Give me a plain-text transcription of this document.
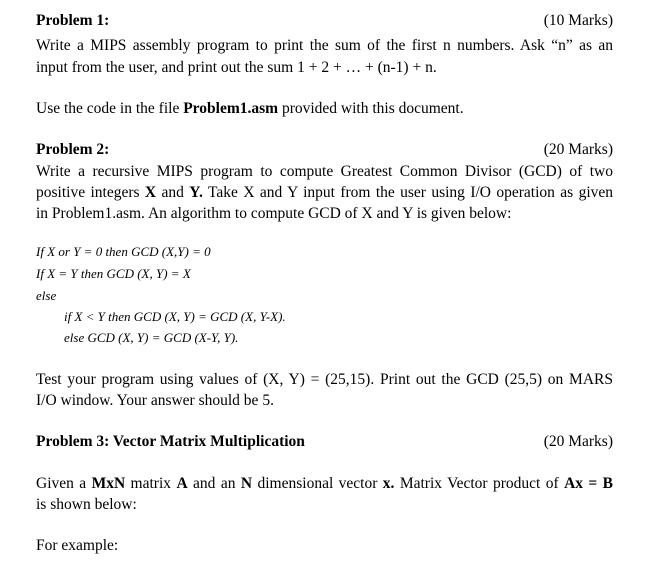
Problem 1:	(10 Marks)
Write a MIPS assembly program to print the sum of the first n numbers. Ask “n” as an
input from the user, and print out the sum 1 + 2 + … + (n-1) + n.
Use the code in the file Problem1.asm provided with this document.
Problem 2:	(20 Marks)
Write a recursive MIPS program to compute Greatest Common Divisor (GCD) of two
positive integers X and Y. Take X and Y input from the user using I/O operation as given
in Problem1.asm. An algorithm to compute GCD of X and Y is given below:
If X or Y = 0 then GCD (X,Y) = 0
If X = Y then GCD (X, Y) = X
else
if X < Y then GCD (X, Y) = GCD (X, Y-X).
else GCD (X, Y) = GCD (X-Y, Y).
Test your program using values of (X, Y) = (25,15). Print out the GCD (25,5) on MARS
I/O window. Your answer should be 5.
Problem 3: Vector Matrix Multiplication	(20 Marks)
Given a MxN matrix A and an N dimensional vector x. Matrix Vector product of Ax = B
is shown below:
For example:
